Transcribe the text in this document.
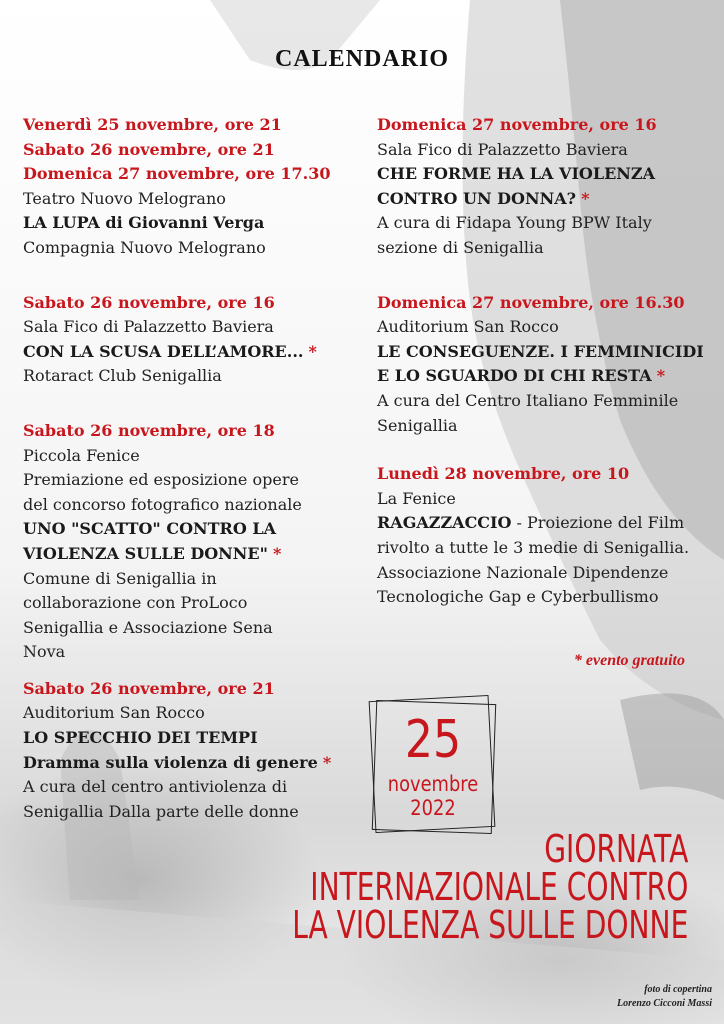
CALENDARIO
Venerdì 25 novembre, ore 21
Sabato 26 novembre, ore 21
Domenica 27 novembre, ore 17.30
Teatro Nuovo Melograno
LA LUPA di Giovanni Verga
Compagnia Nuovo Melograno
Sabato 26 novembre, ore 16
Sala Fico di Palazzetto Baviera
CON LA SCUSA DELL’AMORE... *
Rotaract Club Senigallia
Sabato 26 novembre, ore 18
Piccola Fenice
Premiazione ed esposizione opere
del concorso fotografico nazionale
UNO "SCATTO" CONTRO LA
VIOLENZA SULLE DONNE" *
Comune di Senigallia in
collaborazione con ProLoco
Senigallia e Associazione Sena
Nova
Sabato 26 novembre, ore 21
Auditorium San Rocco
LO SPECCHIO DEI TEMPI
Dramma sulla violenza di genere *
A cura del centro antiviolenza di
Senigallia Dalla parte delle donne
Domenica 27 novembre, ore 16
Sala Fico di Palazzetto Baviera
CHE FORME HA LA VIOLENZA
CONTRO UN DONNA? *
A cura di Fidapa Young BPW Italy
sezione di Senigallia
Domenica 27 novembre, ore 16.30
Auditorium San Rocco
LE CONSEGUENZE. I FEMMINICIDI
E LO SGUARDO DI CHI RESTA *
A cura del Centro Italiano Femminile
Senigallia
Lunedì 28 novembre, ore 10
La Fenice
RAGAZZACCIO - Proiezione del Film
rivolto a tutte le 3 medie di Senigallia.
Associazione Nazionale Dipendenze
Tecnologiche Gap e Cyberbullismo
* evento gratuito
25
novembre
2022
GIORNATA
INTERNAZIONALE CONTRO
LA VIOLENZA SULLE DONNE
foto di copertina
Lorenzo Cicconi Massi
